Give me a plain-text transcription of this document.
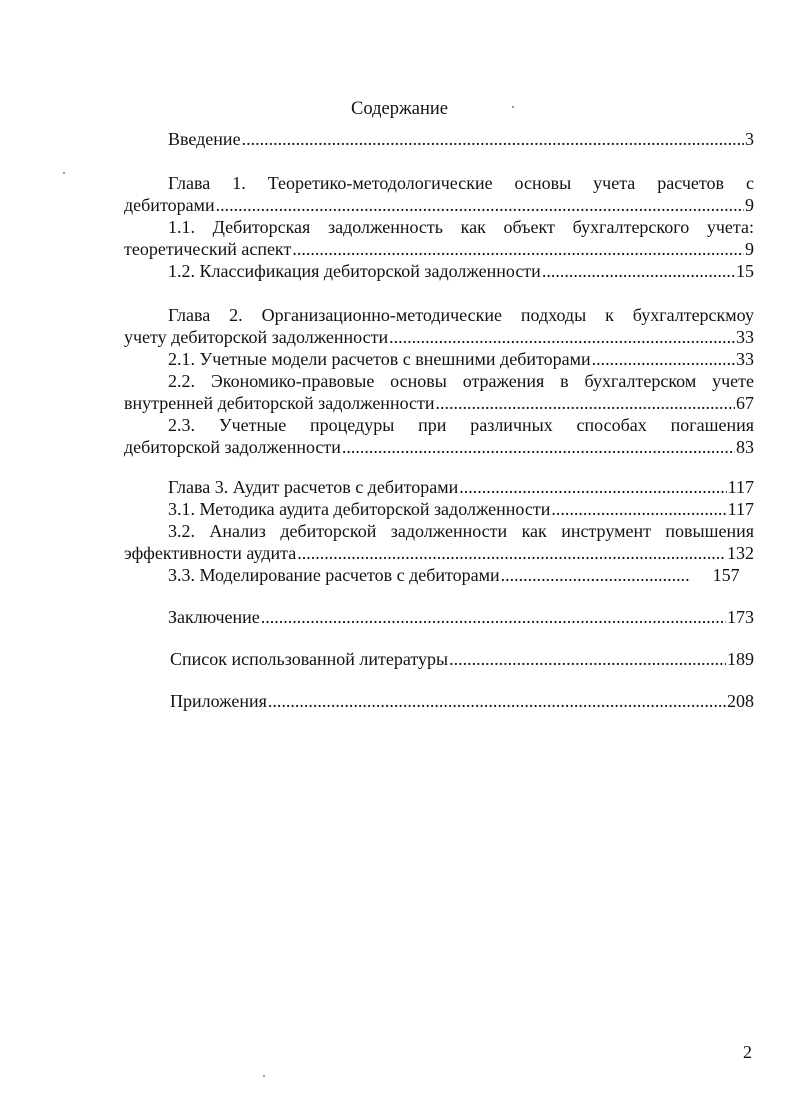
Содержание
Введение .....	3
Глава 1. Теоретико-методологические основы учета расчетов с
дебиторами .....	9
1.1. Дебиторская задолженность как объект бухгалтерского учета:
теоретический аспект .....	9
1.2. Классификация дебиторской задолженности .....	15
Глава 2. Организационно-методические подходы к бухгалтерскмоу
учету дебиторской задолженности .....	33
2.1. Учетные модели расчетов с внешними дебиторами .....	33
2.2. Экономико-правовые основы отражения в бухгалтерском учете
внутренней дебиторской задолженности .....	67
2.3. Учетные процедуры при различных способах погашения
дебиторской задолженности .....	83
Глава 3. Аудит расчетов с дебиторами .....	117
3.1. Методика аудита дебиторской задолженности .....	117
3.2. Анализ дебиторской задолженности как инструмент повышения
эффективности аудита .....	132
3.3. Моделирование расчетов с дебиторами .....	157
Заключение .....	173
Список использованной литературы .....	189
Приложения .....	208
2
